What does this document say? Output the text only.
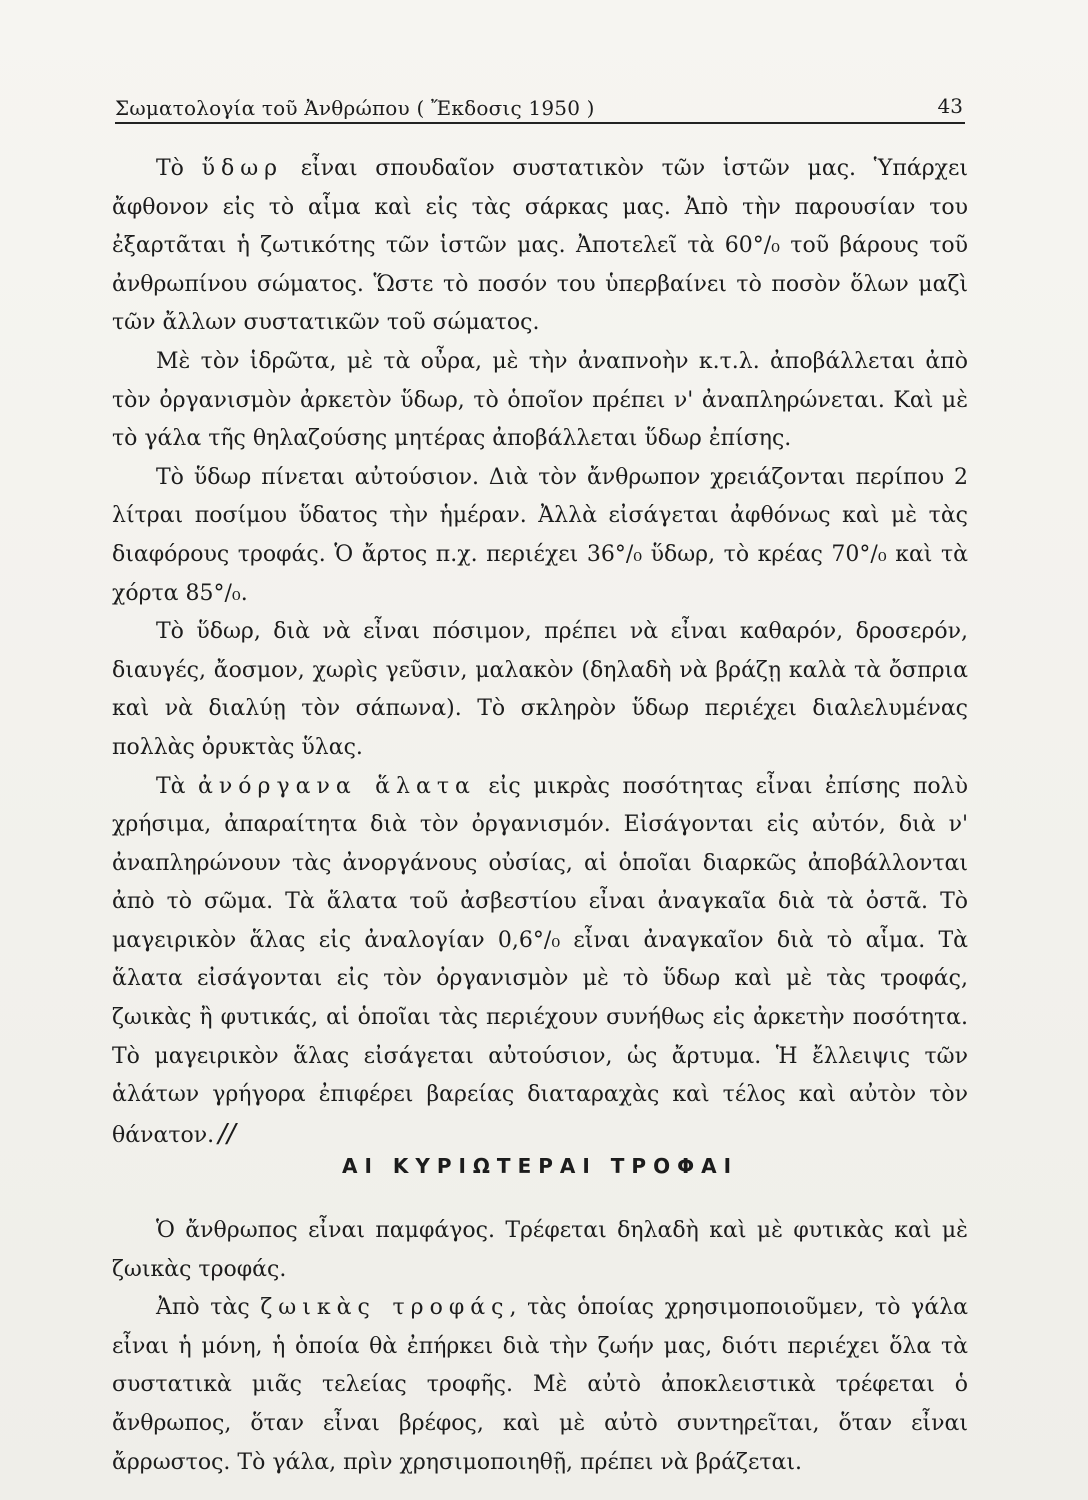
Σωματολογία τοῦ Ἀνθρώπου ( Ἔκδοσις 1950 )	43

Τὸ ὕδωρ εἶναι σπουδαῖον συστατικὸν τῶν ἱστῶν μας. Ὑπάρχει ἄφθονον εἰς τὸ αἷμα καὶ εἰς τὰς σάρκας μας. Ἀπὸ τὴν παρουσίαν του ἐξαρτᾶται ἡ ζωτικότης τῶν ἱστῶν μας. Ἀποτελεῖ τὰ 60°/₀ τοῦ βάρους τοῦ ἀνθρωπίνου σώματος. Ὥστε τὸ ποσόν του ὑπερβαίνει τὸ ποσὸν ὅλων μαζὶ τῶν ἄλλων συστατικῶν τοῦ σώματος.

Μὲ τὸν ἱδρῶτα, μὲ τὰ οὖρα, μὲ τὴν ἀναπνοὴν κ.τ.λ. ἀποβάλλεται ἀπὸ τὸν ὀργανισμὸν ἀρκετὸν ὕδωρ, τὸ ὁποῖον πρέπει ν' ἀναπληρώνεται. Καὶ μὲ τὸ γάλα τῆς θηλαζούσης μητέρας ἀποβάλλεται ὕδωρ ἐπίσης.

Τὸ ὕδωρ πίνεται αὐτούσιον. Διὰ τὸν ἄνθρωπον χρειάζονται περίπου 2 λίτραι ποσίμου ὕδατος τὴν ἡμέραν. Ἀλλὰ εἰσάγεται ἀφθόνως καὶ μὲ τὰς διαφόρους τροφάς. Ὁ ἄρτος π.χ. περιέχει 36°/₀ ὕδωρ, τὸ κρέας 70°/₀ καὶ τὰ χόρτα 85°/₀.

Τὸ ὕδωρ, διὰ νὰ εἶναι πόσιμον, πρέπει νὰ εἶναι καθαρόν, δροσερόν, διαυγές, ἄοσμον, χωρὶς γεῦσιν, μαλακὸν (δηλαδὴ νὰ βράζῃ καλὰ τὰ ὄσπρια καὶ νὰ διαλύῃ τὸν σάπωνα). Τὸ σκληρὸν ὕδωρ περιέχει διαλελυμένας πολλὰς ὀρυκτὰς ὕλας.

Τὰ ἀνόργανα ἅλατα εἰς μικρὰς ποσότητας εἶναι ἐπίσης πολὺ χρήσιμα, ἀπαραίτητα διὰ τὸν ὀργανισμόν. Εἰσάγονται εἰς αὐτόν, διὰ ν' ἀναπληρώνουν τὰς ἀνοργάνους οὐσίας, αἱ ὁποῖαι διαρκῶς ἀποβάλλονται ἀπὸ τὸ σῶμα. Τὰ ἅλατα τοῦ ἀσβεστίου εἶναι ἀναγκαῖα διὰ τὰ ὀστᾶ. Τὸ μαγειρικὸν ἅλας εἰς ἀναλογίαν 0,6°/₀ εἶναι ἀναγκαῖον διὰ τὸ αἷμα. Τὰ ἅλατα εἰσάγονται εἰς τὸν ὀργανισμὸν μὲ τὸ ὕδωρ καὶ μὲ τὰς τροφάς, ζωικὰς ἢ φυτικάς, αἱ ὁποῖαι τὰς περιέχουν συνήθως εἰς ἀρκετὴν ποσότητα. Τὸ μαγειρικὸν ἅλας εἰσάγεται αὐτούσιον, ὡς ἄρτυμα. Ἡ ἔλλειψις τῶν ἁλάτων γρήγορα ἐπιφέρει βαρείας διαταραχὰς καὶ τέλος καὶ αὐτὸν τὸν θάνατον. //

ΑΙ ΚΥΡΙΩΤΕΡΑΙ ΤΡΟΦΑΙ

Ὁ ἄνθρωπος εἶναι παμφάγος. Τρέφεται δηλαδὴ καὶ μὲ φυτικὰς καὶ μὲ ζωικὰς τροφάς.

Ἀπὸ τὰς ζωικὰς τροφάς, τὰς ὁποίας χρησιμοποιοῦμεν, τὸ γάλα εἶναι ἡ μόνη, ἡ ὁποία θὰ ἐπήρκει διὰ τὴν ζωήν μας, διότι περιέχει ὅλα τὰ συστατικὰ μιᾶς τελείας τροφῆς. Μὲ αὐτὸ ἀποκλειστικὰ τρέφεται ὁ ἄνθρωπος, ὅταν εἶναι βρέφος, καὶ μὲ αὐτὸ συντηρεῖται, ὅταν εἶναι ἄρρωστος. Τὸ γάλα, πρὶν χρησιμοποιηθῇ, πρέπει νὰ βράζεται.
